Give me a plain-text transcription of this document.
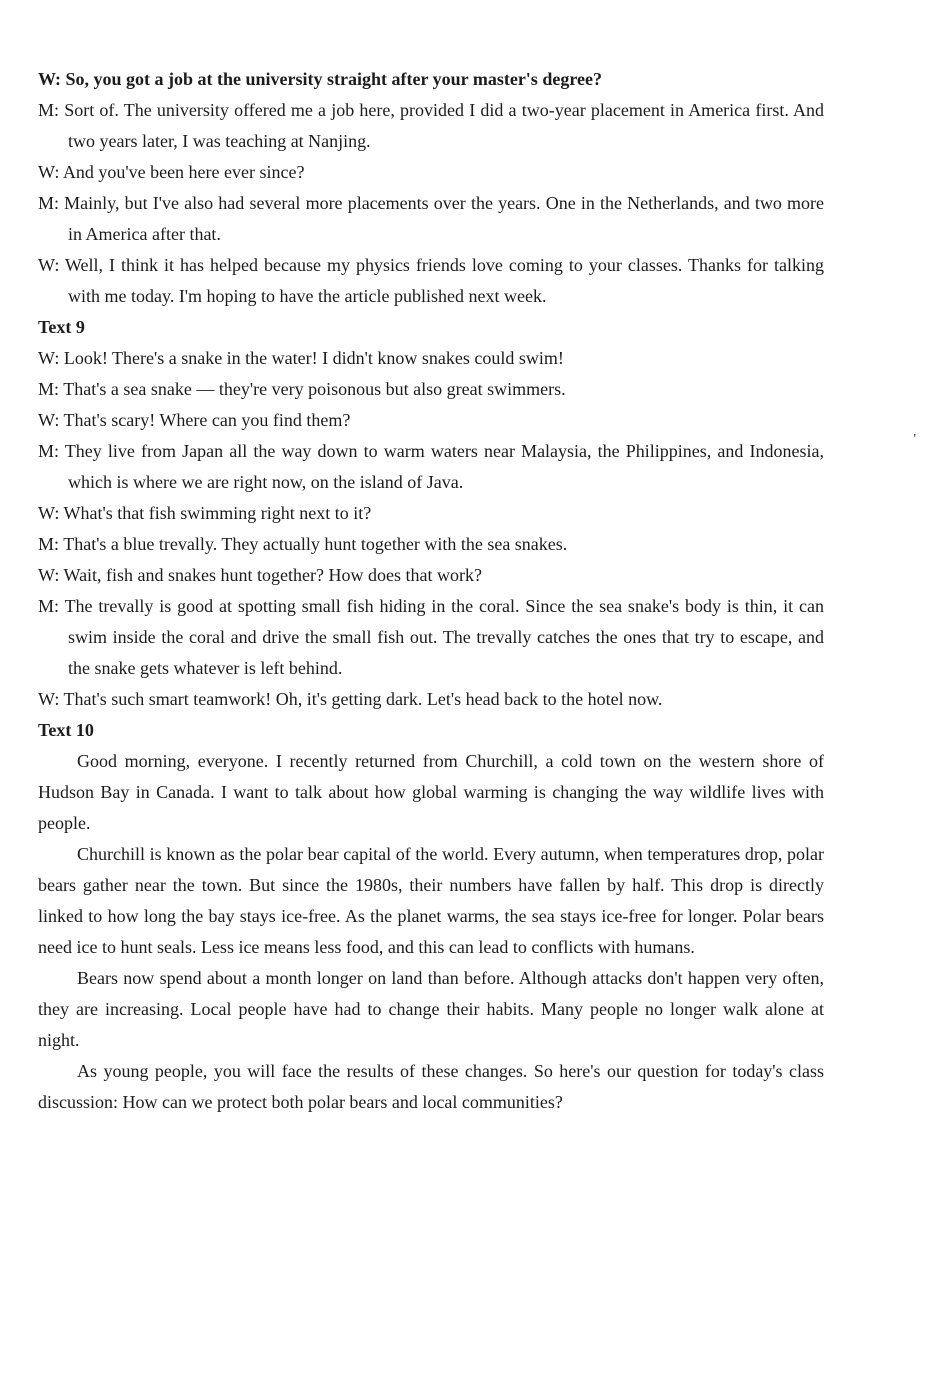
W: So, you got a job at the university straight after your master's degree?

M: Sort of. The university offered me a job here, provided I did a two-year placement in America first. And two years later, I was teaching at Nanjing.

W: And you've been here ever since?

M: Mainly, but I've also had several more placements over the years. One in the Netherlands, and two more in America after that.

W: Well, I think it has helped because my physics friends love coming to your classes. Thanks for talking with me today. I'm hoping to have the article published next week.

Text 9

W: Look! There's a snake in the water! I didn't know snakes could swim!

M: That's a sea snake — they're very poisonous but also great swimmers.

W: That's scary! Where can you find them?

M: They live from Japan all the way down to warm waters near Malaysia, the Philippines, and Indonesia, which is where we are right now, on the island of Java.

W: What's that fish swimming right next to it?

M: That's a blue trevally. They actually hunt together with the sea snakes.

W: Wait, fish and snakes hunt together? How does that work?

M: The trevally is good at spotting small fish hiding in the coral. Since the sea snake's body is thin, it can swim inside the coral and drive the small fish out. The trevally catches the ones that try to escape, and the snake gets whatever is left behind.

W: That's such smart teamwork! Oh, it's getting dark. Let's head back to the hotel now.

Text 10

Good morning, everyone. I recently returned from Churchill, a cold town on the western shore of Hudson Bay in Canada. I want to talk about how global warming is changing the way wildlife lives with people.

Churchill is known as the polar bear capital of the world. Every autumn, when temperatures drop, polar bears gather near the town. But since the 1980s, their numbers have fallen by half. This drop is directly linked to how long the bay stays ice-free. As the planet warms, the sea stays ice-free for longer. Polar bears need ice to hunt seals. Less ice means less food, and this can lead to conflicts with humans.

Bears now spend about a month longer on land than before. Although attacks don't happen very often, they are increasing. Local people have had to change their habits. Many people no longer walk alone at night.

As young people, you will face the results of these changes. So here's our question for today's class discussion: How can we protect both polar bears and local communities?

'
